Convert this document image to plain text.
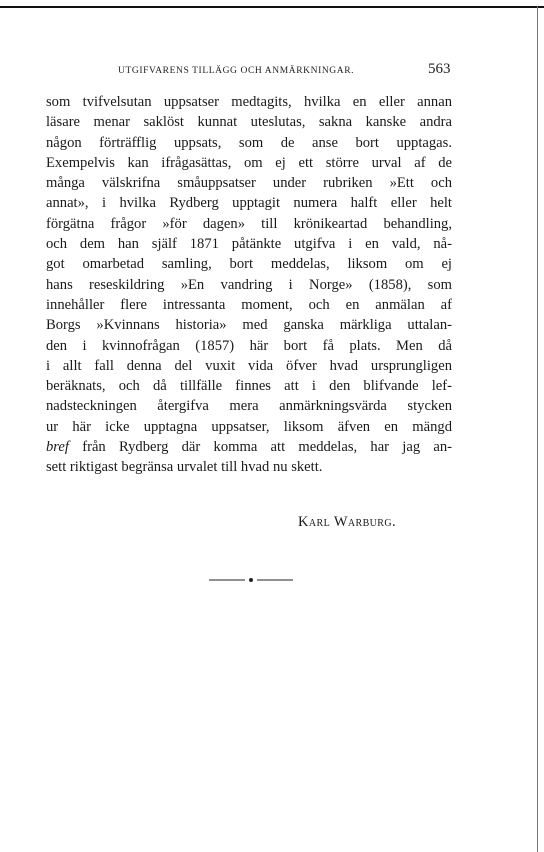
UTGIFVARENS TILLÄGG OCH ANMÄRKNINGAR.	563
som tvifvelsutan uppsatser medtagits, hvilka en eller annan
läsare menar saklöst kunnat uteslutas, sakna kanske andra
någon förträfflig uppsats, som de anse bort upptagas.
Exempelvis kan ifrågasättas, om ej ett större urval af de
många välskrifna småuppsatser under rubriken »Ett och
annat», i hvilka Rydberg upptagit numera halft eller helt
förgätna frågor »för dagen» till krönikeartad behandling,
och dem han själf 1871 påtänkte utgifva i en vald, nå-
got omarbetad samling, bort meddelas, liksom om ej
hans reseskildring »En vandring i Norge» (1858), som
innehåller flere intressanta moment, och en anmälan af
Borgs »Kvinnans historia» med ganska märkliga uttalan-
den i kvinnofrågan (1857) här bort få plats. Men då
i allt fall denna del vuxit vida öfver hvad ursprungligen
beräknats, och då tillfälle finnes att i den blifvande lef-
nadsteckningen återgifva mera anmärkningsvärda stycken
ur här icke upptagna uppsatser, liksom äfven en mängd
bref från Rydberg där komma att meddelas, har jag an-
sett riktigast begränsa urvalet till hvad nu skett.
Karl Warburg.
